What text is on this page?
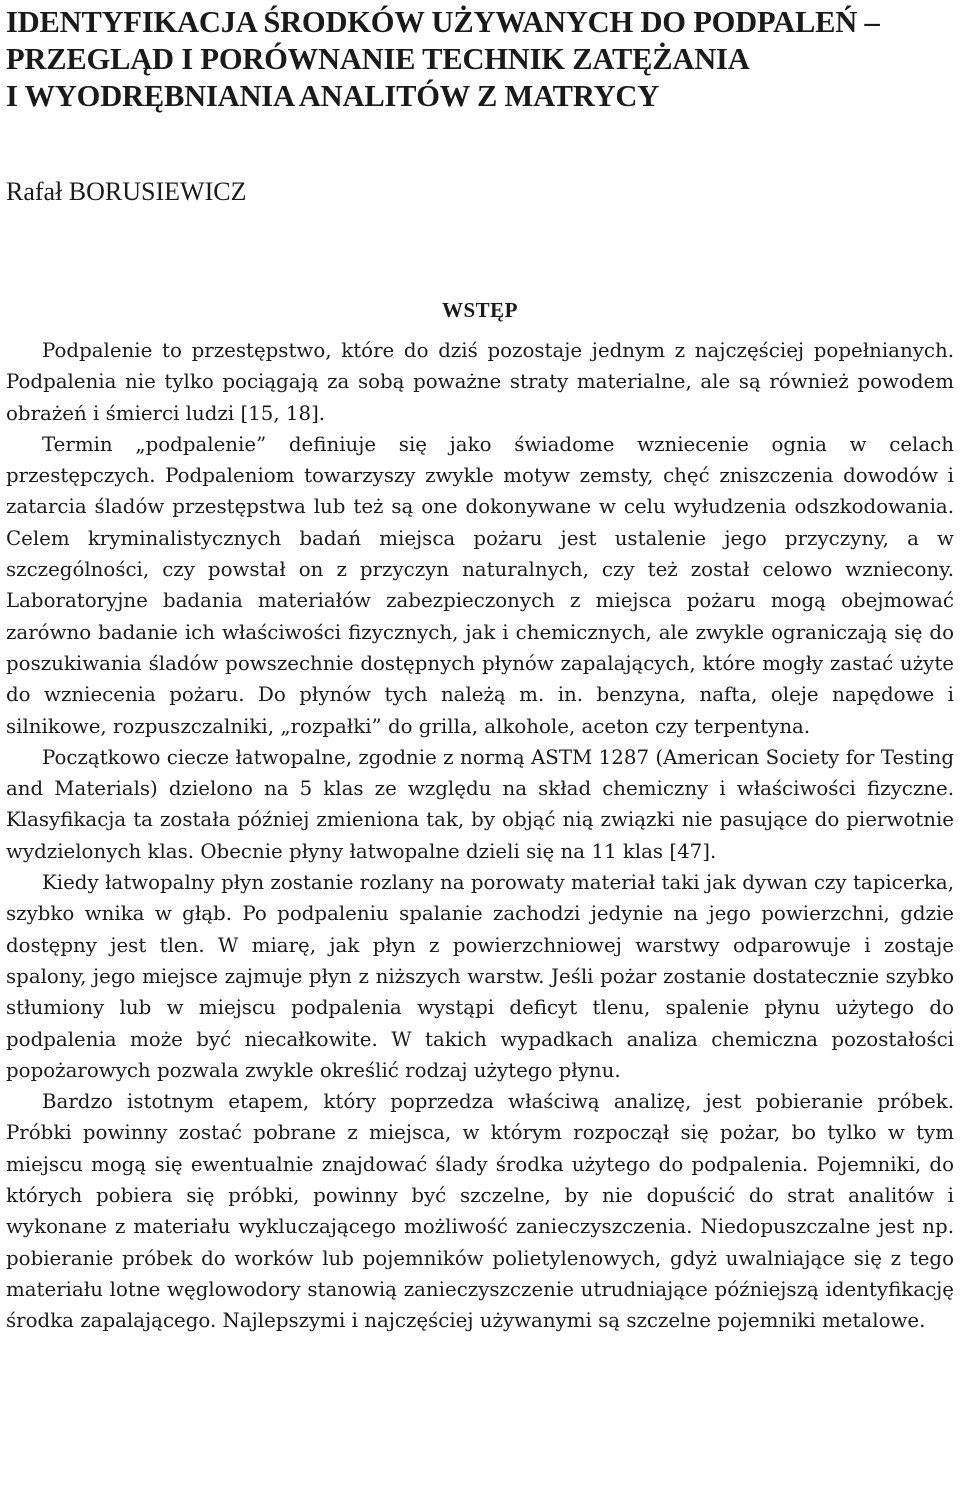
IDENTYFIKACJA ŚRODKÓW UŻYWANYCH DO PODPALEŃ –
PRZEGLĄD I PORÓWNANIE TECHNIK ZATĘŻANIA
I WYODRĘBNIANIA ANALITÓW Z MATRYCY
Rafał BORUSIEWICZ
WSTĘP

Podpalenie to przestępstwo, które do dziś pozostaje jednym z najczęściej popełnianych. Podpalenia nie tylko pociągają za sobą poważne straty materialne, ale są również powodem obrażeń i śmierci ludzi [15, 18].

Termin „podpalenie” definiuje się jako świadome wzniecenie ognia w celach przestępczych. Podpaleniom towarzyszy zwykle motyw zemsty, chęć zniszczenia dowodów i zatarcia śladów przestępstwa lub też są one dokonywane w celu wyłudzenia odszkodowania. Celem kryminalistycznych badań miejsca pożaru jest ustalenie jego przyczyny, a w szczególności, czy powstał on z przyczyn naturalnych, czy też został celowo wzniecony. Laboratoryjne badania materiałów zabezpieczonych z miejsca pożaru mogą obejmować zarówno badanie ich właściwości fizycznych, jak i chemicznych, ale zwykle ograniczają się do poszukiwania śladów powszechnie dostępnych płynów zapalających, które mogły zastać użyte do wzniecenia pożaru. Do płynów tych należą m. in. benzyna, nafta, oleje napędowe i silnikowe, rozpuszczalniki, „rozpałki” do grilla, alkohole, aceton czy terpentyna.

Początkowo ciecze łatwopalne, zgodnie z normą ASTM 1287 (American Society for Testing and Materials) dzielono na 5 klas ze względu na skład chemiczny i właściwości fizyczne. Klasyfikacja ta została później zmieniona tak, by objąć nią związki nie pasujące do pierwotnie wydzielonych klas. Obecnie płyny łatwopalne dzieli się na 11 klas [47].

Kiedy łatwopalny płyn zostanie rozlany na porowaty materiał taki jak dywan czy tapicerka, szybko wnika w głąb. Po podpaleniu spalanie zachodzi jedynie na jego powierzchni, gdzie dostępny jest tlen. W miarę, jak płyn z powierzchniowej warstwy odparowuje i zostaje spalony, jego miejsce zajmuje płyn z niższych warstw. Jeśli pożar zostanie dostatecznie szybko stłumiony lub w miejscu podpalenia wystąpi deficyt tlenu, spalenie płynu użytego do podpalenia może być niecałkowite. W takich wypadkach analiza chemiczna pozostałości popożarowych pozwala zwykle określić rodzaj użytego płynu.

Bardzo istotnym etapem, który poprzedza właściwą analizę, jest pobieranie próbek. Próbki powinny zostać pobrane z miejsca, w którym rozpoczął się pożar, bo tylko w tym miejscu mogą się ewentualnie znajdować ślady środka użytego do podpalenia. Pojemniki, do których pobiera się próbki, powinny być szczelne, by nie dopuścić do strat analitów i wykonane z materiału wykluczającego możliwość zanieczyszczenia. Niedopuszczalne jest np. pobieranie próbek do worków lub pojemników polietylenowych, gdyż uwalniające się z tego materiału lotne węglowodory stanowią zanieczyszczenie utrudniające późniejszą identyfikację środka zapalającego. Najlepszymi i najczęściej używanymi są szczelne pojemniki metalowe.
